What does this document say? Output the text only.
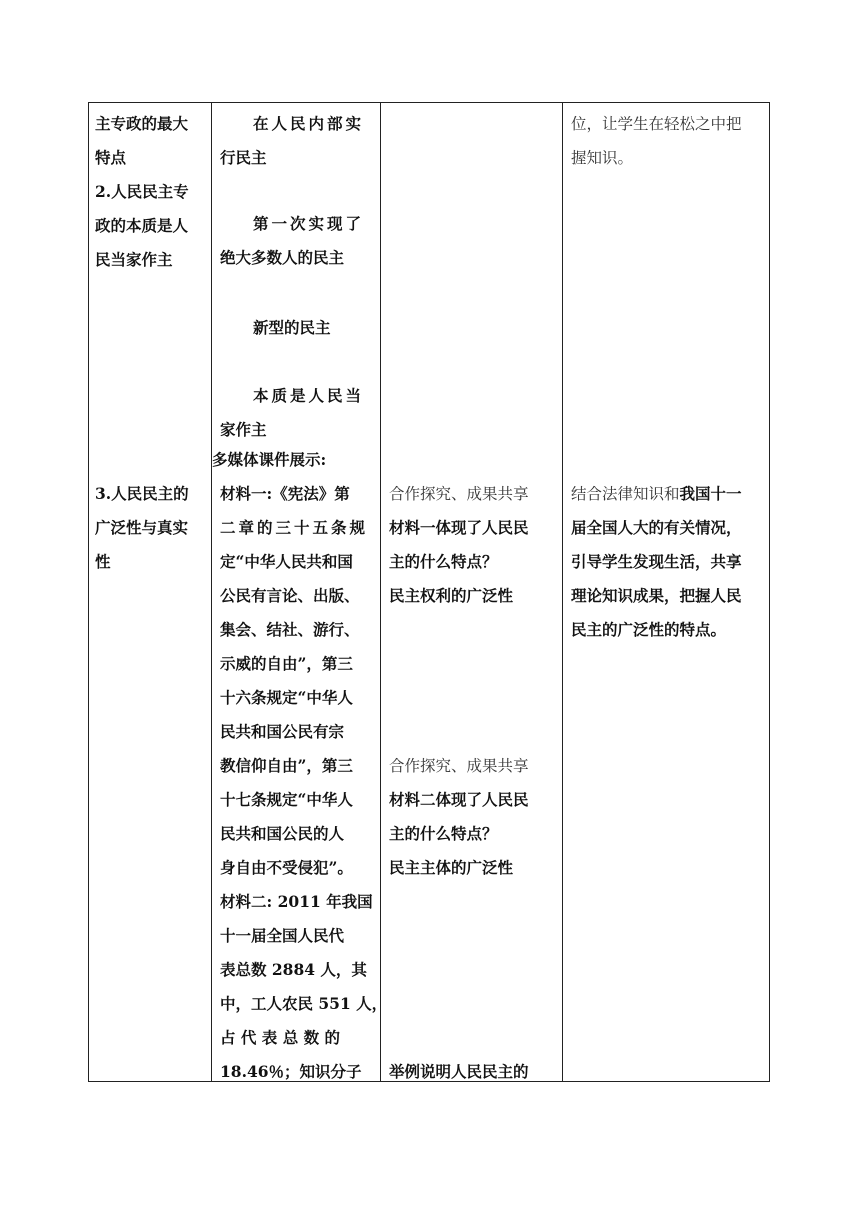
主专政的最大
特点
2.人民民主专
政的本质是人
民当家作主
3.人民民主的
广泛性与真实
性
在人民内部实
行民主
第一次实现了
绝大多数人的民主
新型的民主
本质是人民当
家作主
多媒体课件展示:
材料一:《宪法》第
二章的三十五条规
定“中华人民共和国
公民有言论、出版、
集会、结社、游行、
示威的自由”，第三
十六条规定“中华人
民共和国公民有宗
教信仰自由”，第三
十七条规定“中华人
民共和国公民的人
身自由不受侵犯”。
材料二: 2011 年我国
十一届全国人民代
表总数 2884 人，其
中，工人农民 551 人，
占 代 表 总 数 的
18.46％；知识分子
合作探究、成果共享
材料一体现了人民民
主的什么特点？
民主权利的广泛性
合作探究、成果共享
材料二体现了人民民
主的什么特点？
民主主体的广泛性
举例说明人民民主的
位，让学生在轻松之中把
握知识。
结合法律知识和我国十一
届全国人大的有关情况，
引导学生发现生活，共享
理论知识成果，把握人民
民主的广泛性的特点。
